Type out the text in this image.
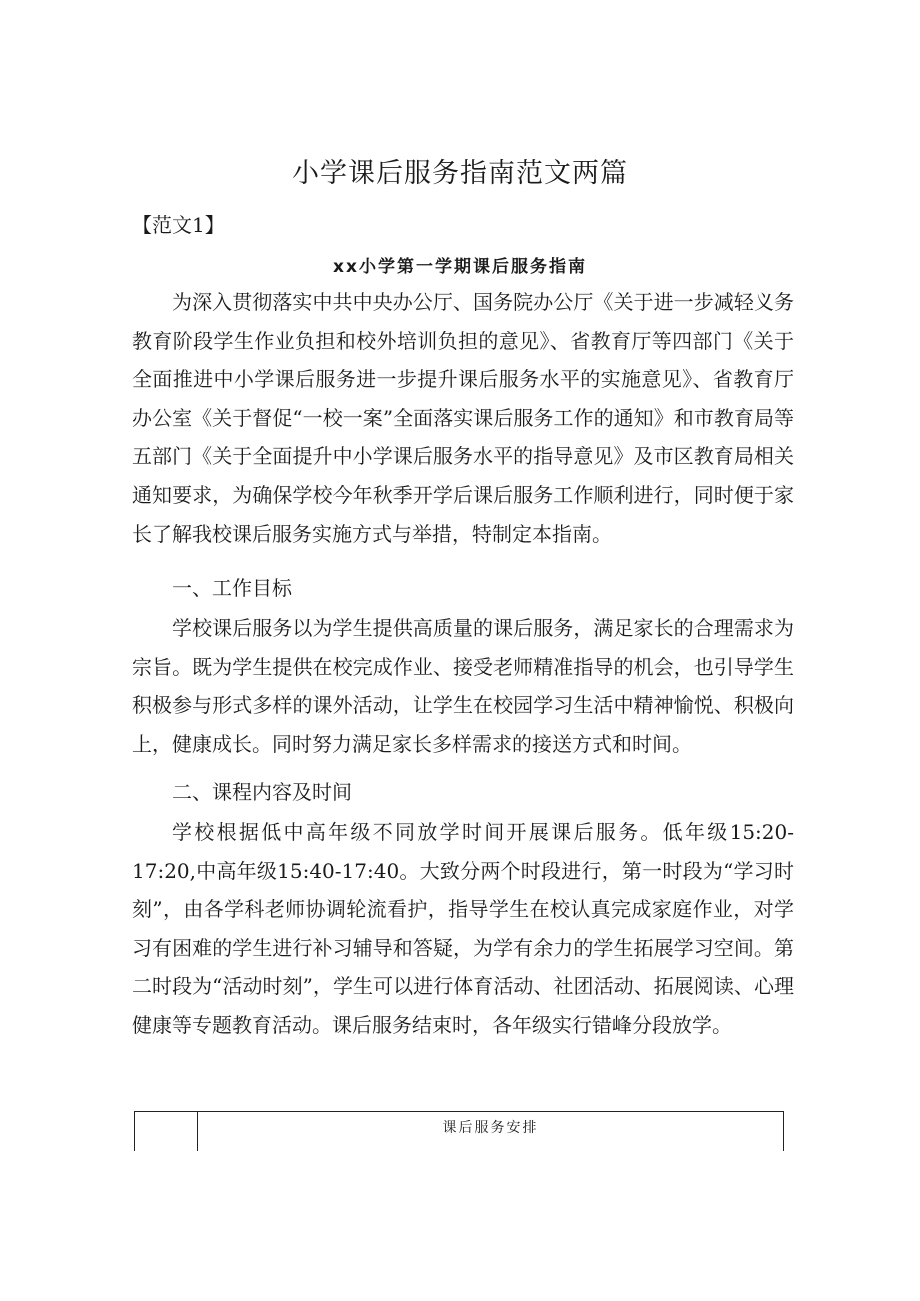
小学课后服务指南范文两篇
【范文1】
xx小学第一学期课后服务指南

为深入贯彻落实中共中央办公厅、国务院办公厅《关于进一步减轻义务教育阶段学生作业负担和校外培训负担的意见》、省教育厅等四部门《关于全面推进中小学课后服务进一步提升课后服务水平的实施意见》、省教育厅办公室《关于督促“一校一案”全面落实课后服务工作的通知》和市教育局等五部门《关于全面提升中小学课后服务水平的指导意见》及市区教育局相关通知要求，为确保学校今年秋季开学后课后服务工作顺利进行，同时便于家长了解我校课后服务实施方式与举措，特制定本指南。

一、工作目标

学校课后服务以为学生提供高质量的课后服务，满足家长的合理需求为宗旨。既为学生提供在校完成作业、接受老师精准指导的机会，也引导学生积极参与形式多样的课外活动，让学生在校园学习生活中精神愉悦、积极向上，健康成长。同时努力满足家长多样需求的接送方式和时间。

二、课程内容及时间

学校根据低中高年级不同放学时间开展课后服务。低年级15:20-17:20,中高年级15:40-17:40。大致分两个时段进行，第一时段为“学习时刻”，由各学科老师协调轮流看护，指导学生在校认真完成家庭作业，对学习有困难的学生进行补习辅导和答疑，为学有余力的学生拓展学习空间。第二时段为“活动时刻”，学生可以进行体育活动、社团活动、拓展阅读、心理健康等专题教育活动。课后服务结束时，各年级实行错峰分段放学。

	课后服务安排
